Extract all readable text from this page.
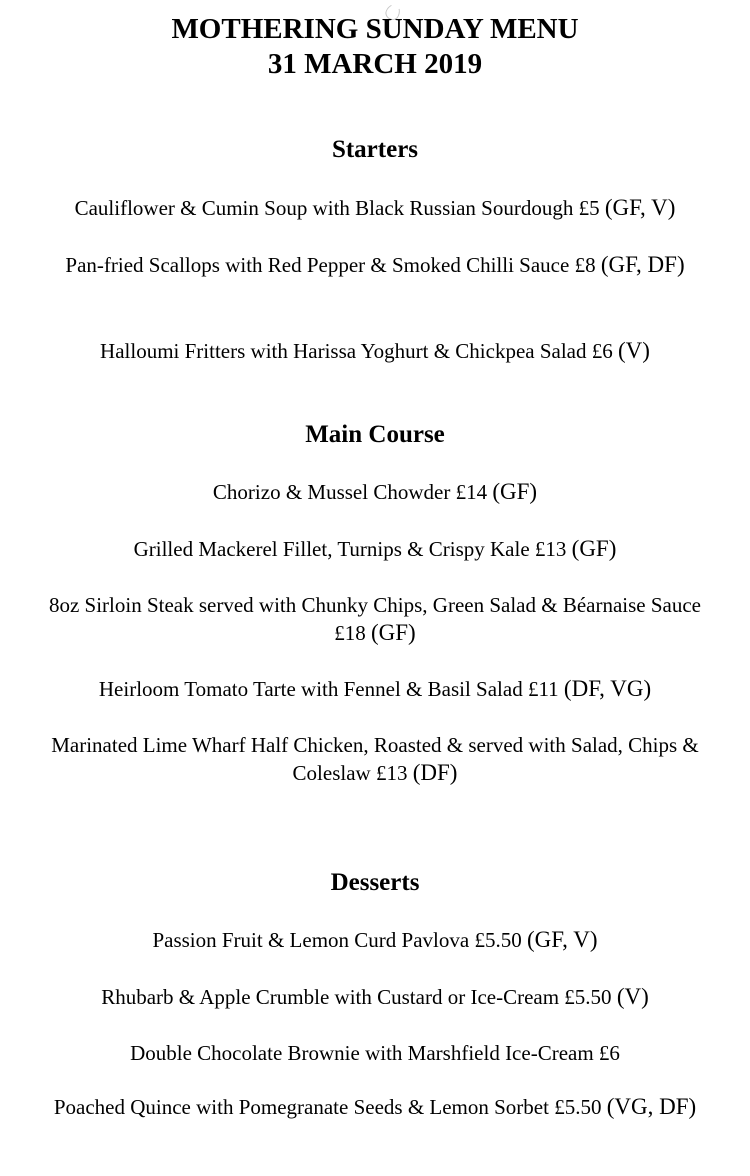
MOTHERING SUNDAY MENU
31 MARCH 2019
Starters

Cauliflower & Cumin Soup with Black Russian Sourdough £5 (GF, V)

Pan-fried Scallops with Red Pepper & Smoked Chilli Sauce £8 (GF, DF)

Halloumi Fritters with Harissa Yoghurt & Chickpea Salad £6 (V)

Main Course

Chorizo & Mussel Chowder £14 (GF)

Grilled Mackerel Fillet, Turnips & Crispy Kale £13 (GF)

8oz Sirloin Steak served with Chunky Chips, Green Salad & Béarnaise Sauce £18 (GF)

Heirloom Tomato Tarte with Fennel & Basil Salad £11 (DF, VG)

Marinated Lime Wharf Half Chicken, Roasted & served with Salad, Chips & Coleslaw £13 (DF)

Desserts

Passion Fruit & Lemon Curd Pavlova £5.50 (GF, V)

Rhubarb & Apple Crumble with Custard or Ice-Cream £5.50 (V)

Double Chocolate Brownie with Marshfield Ice-Cream £6

Poached Quince with Pomegranate Seeds & Lemon Sorbet £5.50 (VG, DF)
